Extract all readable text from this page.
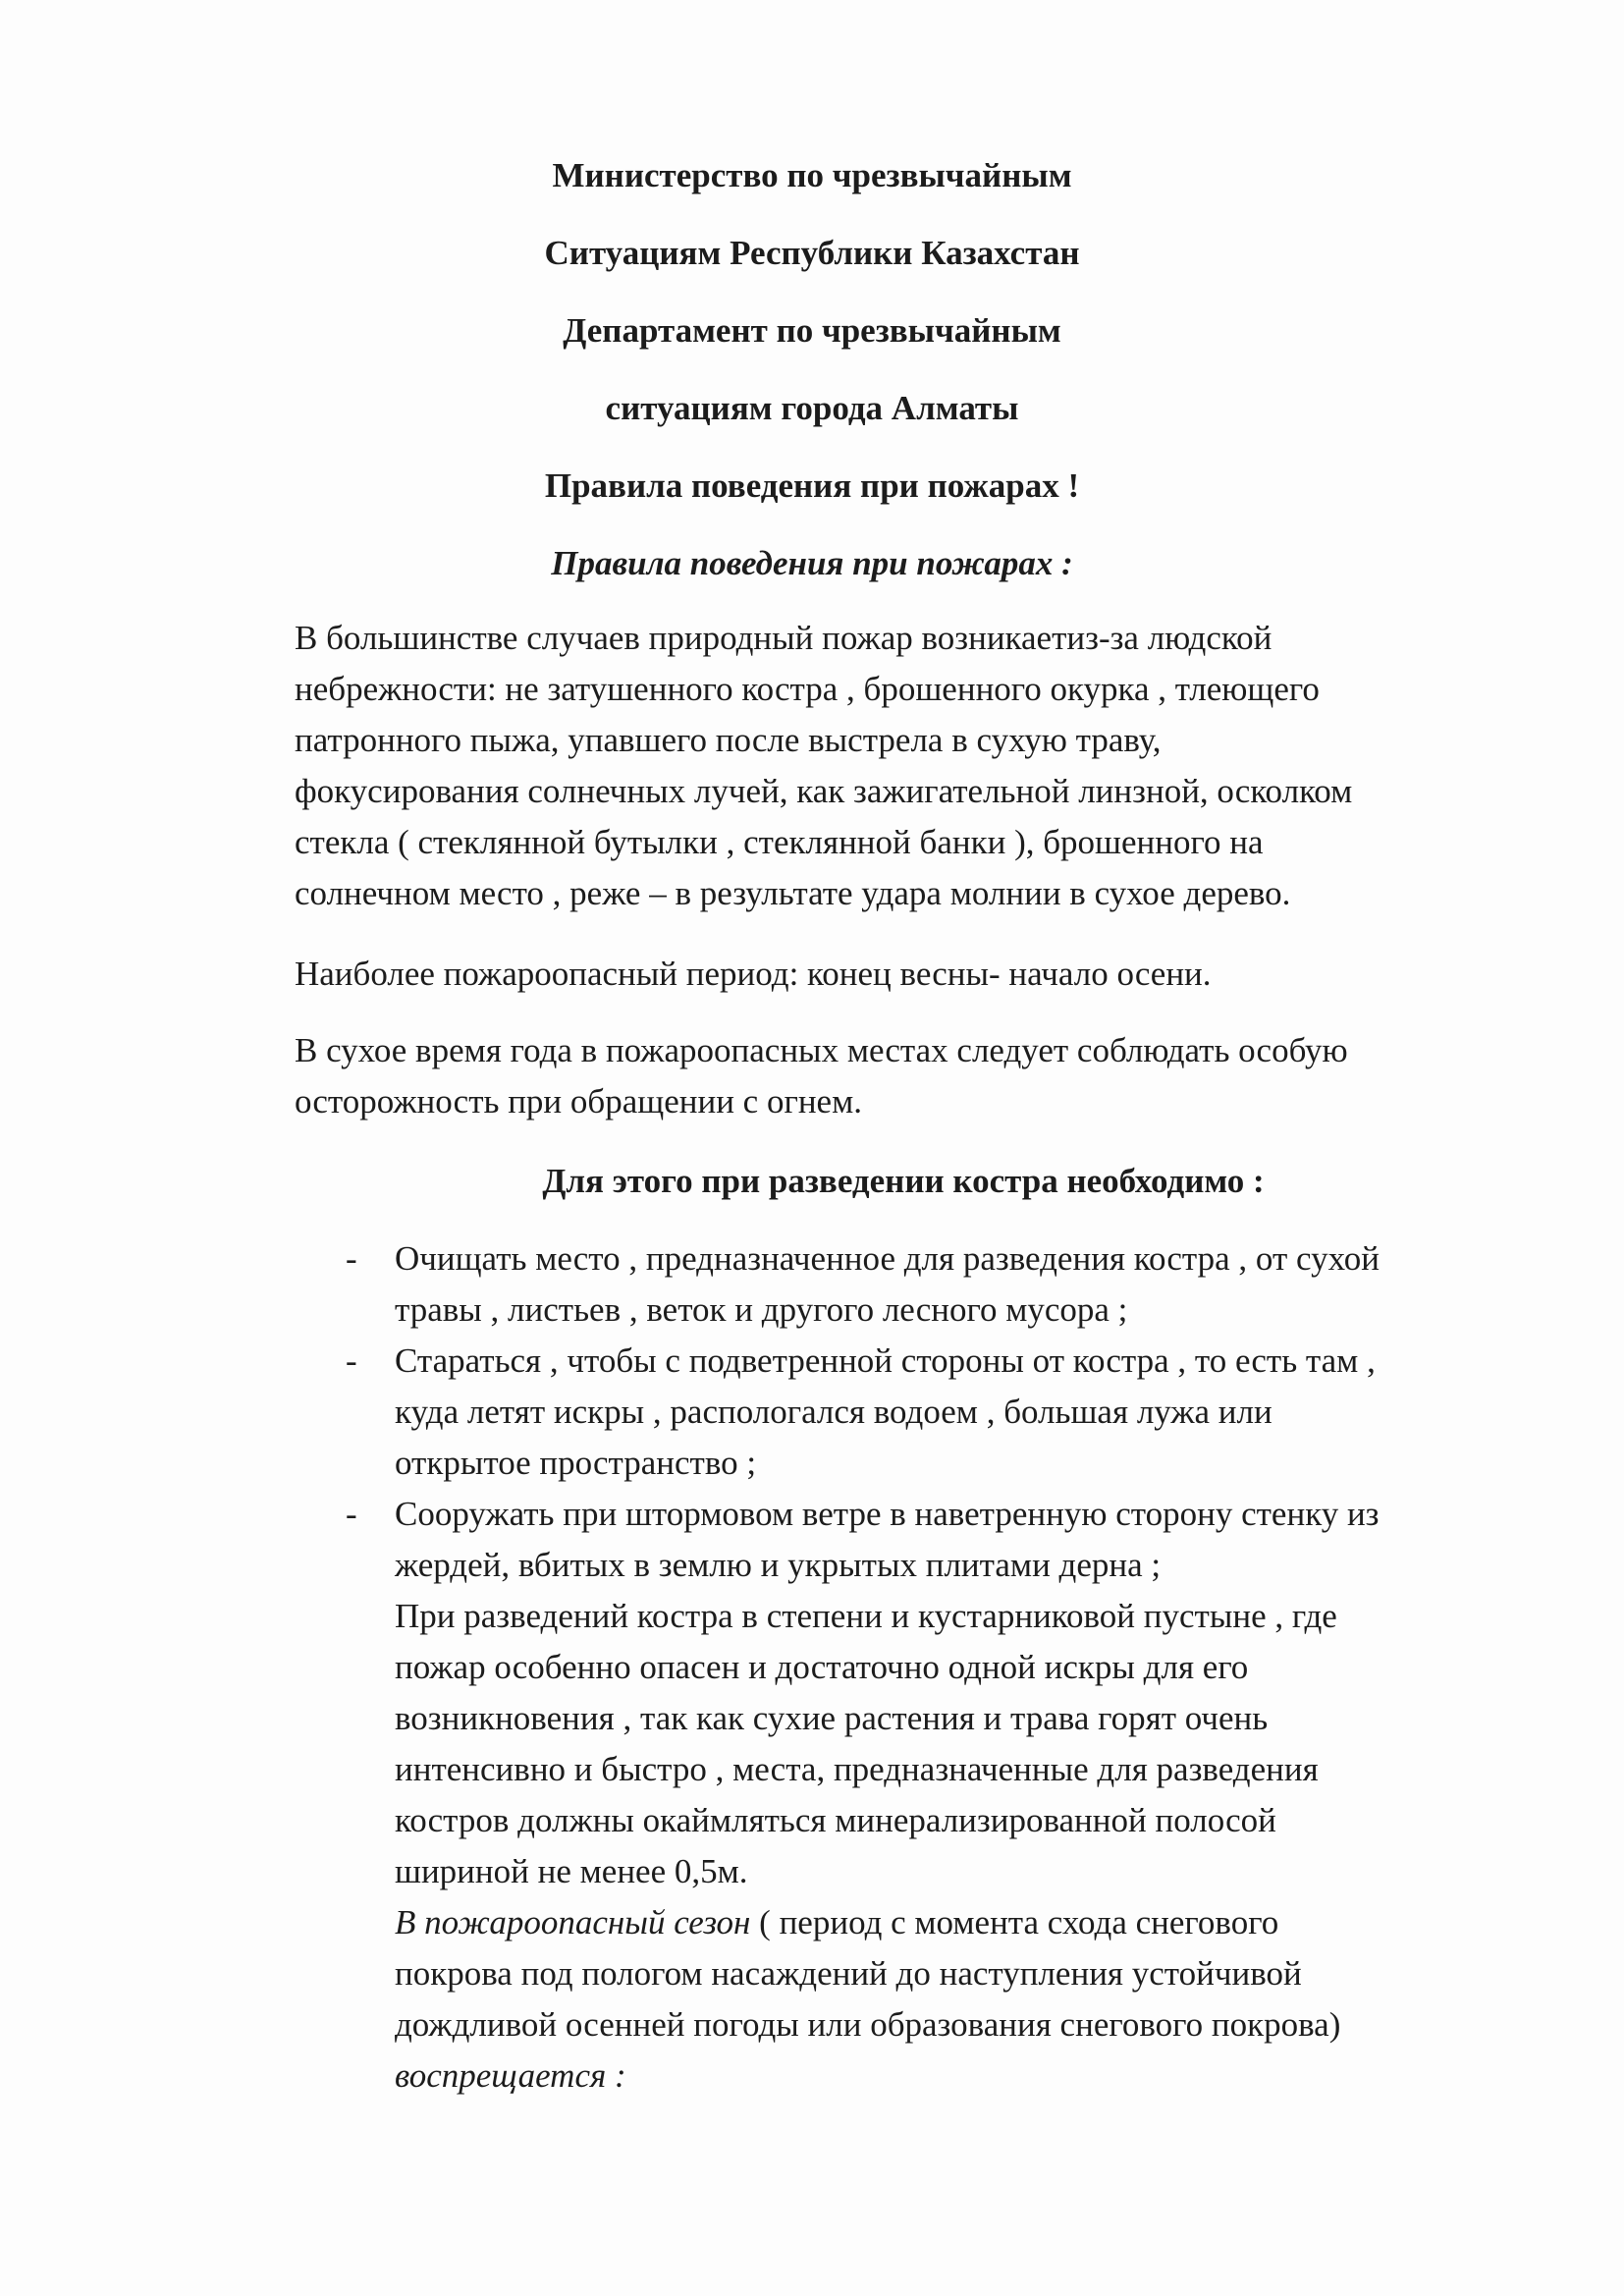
Министерство по чрезвычайным
Ситуациям Республики Казахстан
Департамент по чрезвычайным
ситуациям города Алматы
Правила поведения при пожарах !
Правила поведения при пожарах :
В большинстве случаев природный пожар возникаетиз-за людской
небрежности: не затушенного костра , брошенного окурка , тлеющего
патронного пыжа, упавшего после выстрела в сухую траву,
фокусирования солнечных лучей, как зажигательной линзной, осколком
стекла ( стеклянной бутылки , стеклянной банки ), брошенного на
солнечном место , реже – в результате удара молнии в сухое дерево.
Наиболее пожароопасный период: конец весны- начало осени.
В сухое время года в пожароопасных местах следует соблюдать особую
осторожность при обращении с огнем.
Для этого при разведении костра необходимо :
- Очищать место , предназначенное для разведения костра , от сухой
травы , листьев , веток и другого лесного мусора ;
- Стараться , чтобы с подветренной стороны от костра , то есть там ,
куда летят искры , распологался водоем , большая лужа или
открытое пространство ;
- Сооружать при штормовом ветре в наветренную сторону стенку из
жердей, вбитых в землю и укрытых плитами дерна ;
При разведений костра в степени и кустарниковой пустыне , где
пожар особенно опасен и достаточно одной искры для его
возникновения , так как сухие растения и трава горят очень
интенсивно и быстро , места, предназначенные для разведения
костров должны окаймляться минерализированной полосой
шириной не менее 0,5м.
В пожароопасный сезон ( период с момента схода снегового
покрова под пологом насаждений до наступления устойчивой
дождливой осенней погоды или образования снегового покрова)
воспрещается :
